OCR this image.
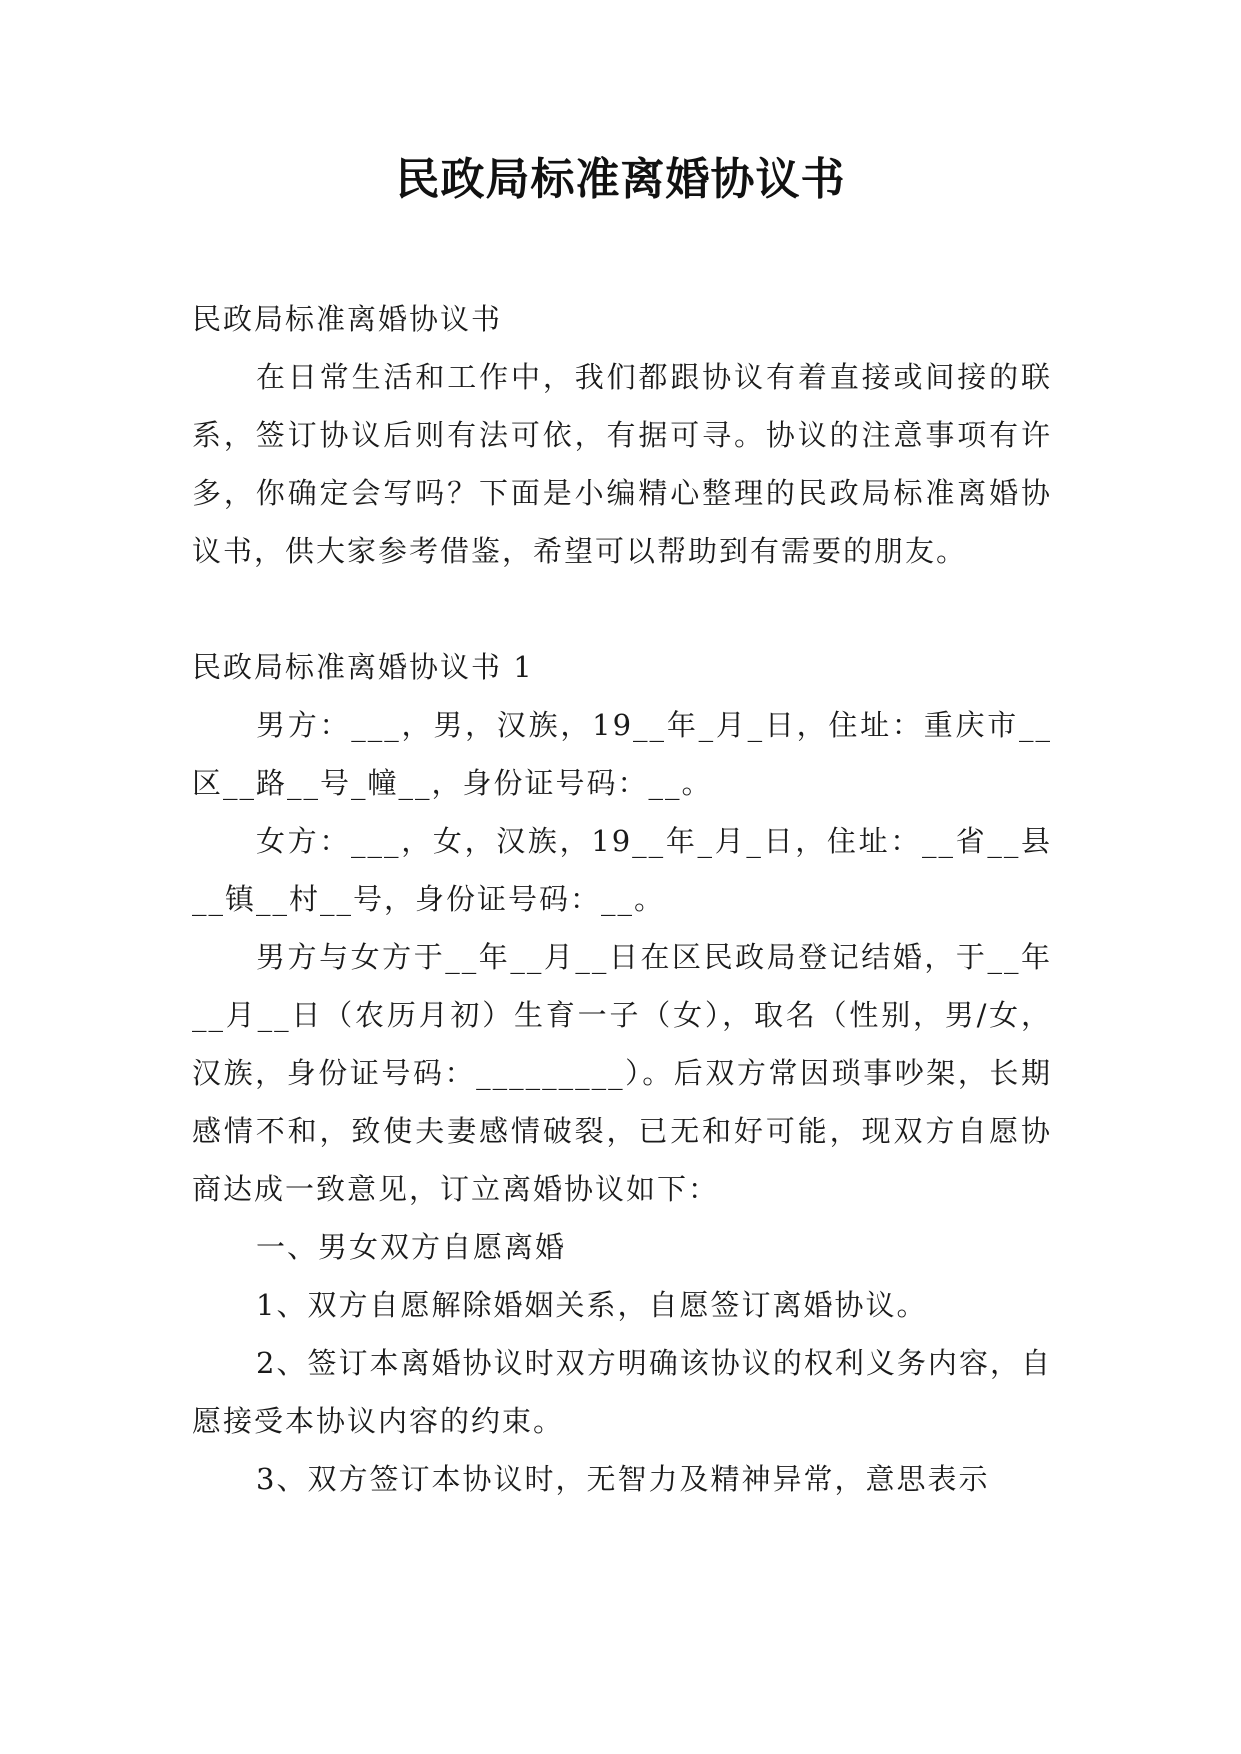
民政局标准离婚协议书

民政局标准离婚协议书

在日常生活和工作中，我们都跟协议有着直接或间接的联系，签订协议后则有法可依，有据可寻。协议的注意事项有许多，你确定会写吗？下面是小编精心整理的民政局标准离婚协议书，供大家参考借鉴，希望可以帮助到有需要的朋友。

民政局标准离婚协议书 1

男方：___，男，汉族，19__年_月_日，住址：重庆市__区__路__号_幢__，身份证号码：__。

女方：___，女，汉族，19__年_月_日，住址：__省__县__镇__村__号，身份证号码：__。

男方与女方于__年__月__日在区民政局登记结婚，于__年__月__日（农历月初）生育一子（女），取名（性别，男/女，汉族，身份证号码：_________）。后双方常因琐事吵架，长期感情不和，致使夫妻感情破裂，已无和好可能，现双方自愿协商达成一致意见，订立离婚协议如下：

一、男女双方自愿离婚

1、双方自愿解除婚姻关系，自愿签订离婚协议。

2、签订本离婚协议时双方明确该协议的权利义务内容，自愿接受本协议内容的约束。

3、双方签订本协议时，无智力及精神异常，意思表示
